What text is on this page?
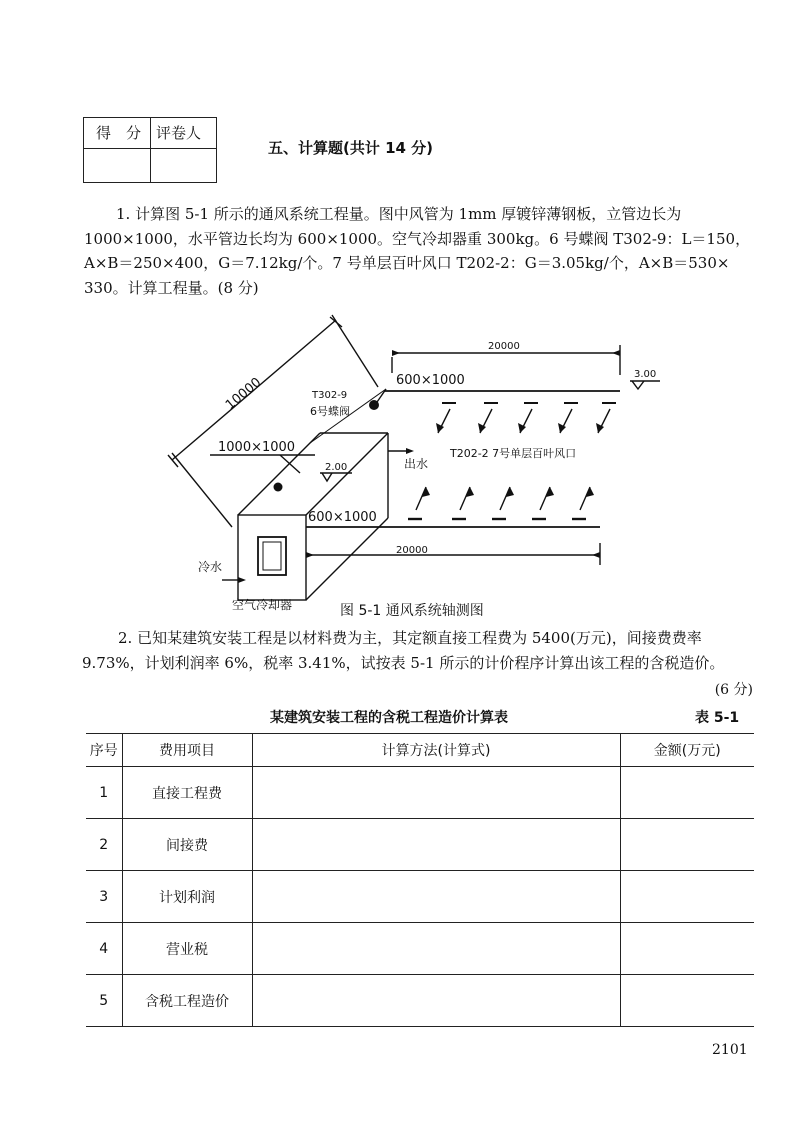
得　分 评卷人
五、计算题(共计 14 分)

1. 计算图 5-1 所示的通风系统工程量。图中风管为 1mm 厚镀锌薄钢板，立管边长为

1000×1000，水平管边长均为 600×1000。空气冷却器重 300kg。6 号蝶阀 T302-9：L＝150，

A×B＝250×400，G＝7.12kg/个。7 号单层百叶风口 T202-2：G＝3.05kg/个，A×B＝530×

330。计算工程量。(8 分)

10000
20000
20000
600×1000
600×1000
1000×1000
T302-9
6号蝶阀
3.00
2.00	出水
冷水
T202-2 7号单层百叶风口
空气冷却器	图 5-1 通风系统轴测图

2. 已知某建筑安装工程是以材料费为主，其定额直接工程费为 5400(万元)，间接费费率

9.73%，计划利润率 6%，税率 3.41%，试按表 5-1 所示的计价程序计算出该工程的含税造价。

(6 分)
某建筑安装工程的含税工程造价计算表	表 5-1
序号	费用项目	计算方法(计算式)	金额(万元)
1	直接工程费		
2	间接费		
3	计划利润		
4	营业税		
5	含税工程造价		
2101
